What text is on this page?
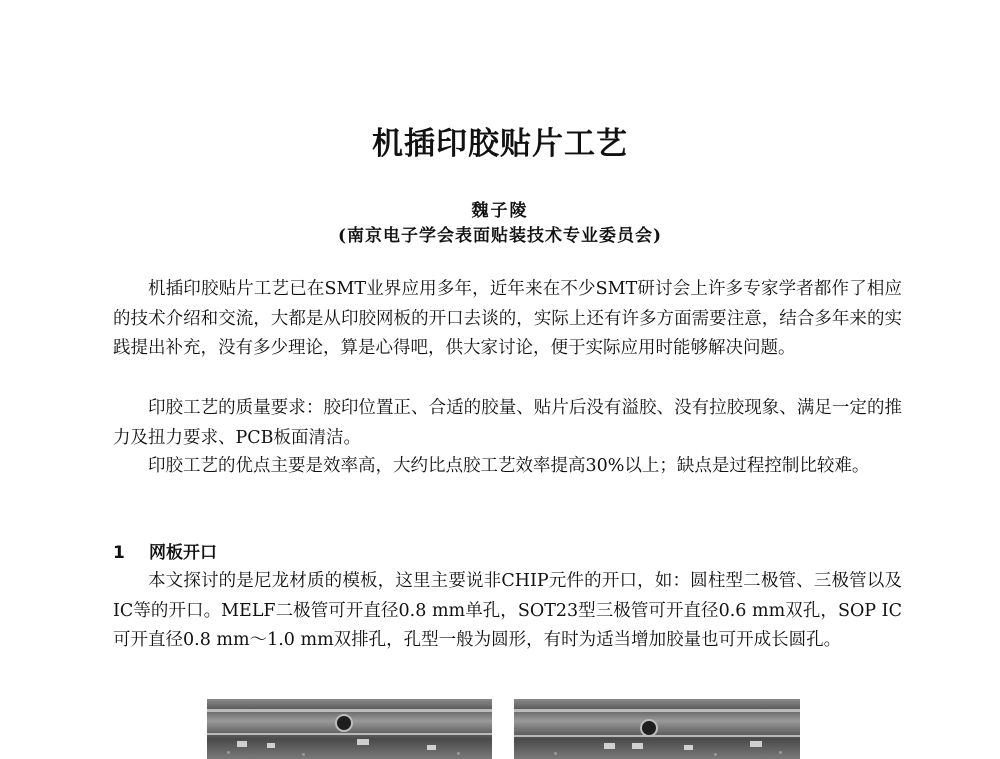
机插印胶贴片工艺
魏子陵
(南京电子学会表面贴装技术专业委员会)
机插印胶贴片工艺已在SMT业界应用多年，近年来在不少SMT研讨会上许多专家学者都作了相应的技术介绍和交流，大都是从印胶网板的开口去谈的，实际上还有许多方面需要注意，结合多年来的实践提出补充，没有多少理论，算是心得吧，供大家讨论，便于实际应用时能够解决问题。
印胶工艺的质量要求：胶印位置正、合适的胶量、贴片后没有溢胶、没有拉胶现象、满足一定的推力及扭力要求、PCB板面清洁。
印胶工艺的优点主要是效率高，大约比点胶工艺效率提高30%以上；缺点是过程控制比较难。
1 网板开口
本文探讨的是尼龙材质的模板，这里主要说非CHIP元件的开口，如：圆柱型二极管、三极管以及IC等的开口。MELF二极管可开直径0.8 mm单孔，SOT23型三极管可开直径0.6 mm双孔，SOP IC可开直径0.8 mm～1.0 mm双排孔，孔型一般为圆形，有时为适当增加胶量也可开成长圆孔。
